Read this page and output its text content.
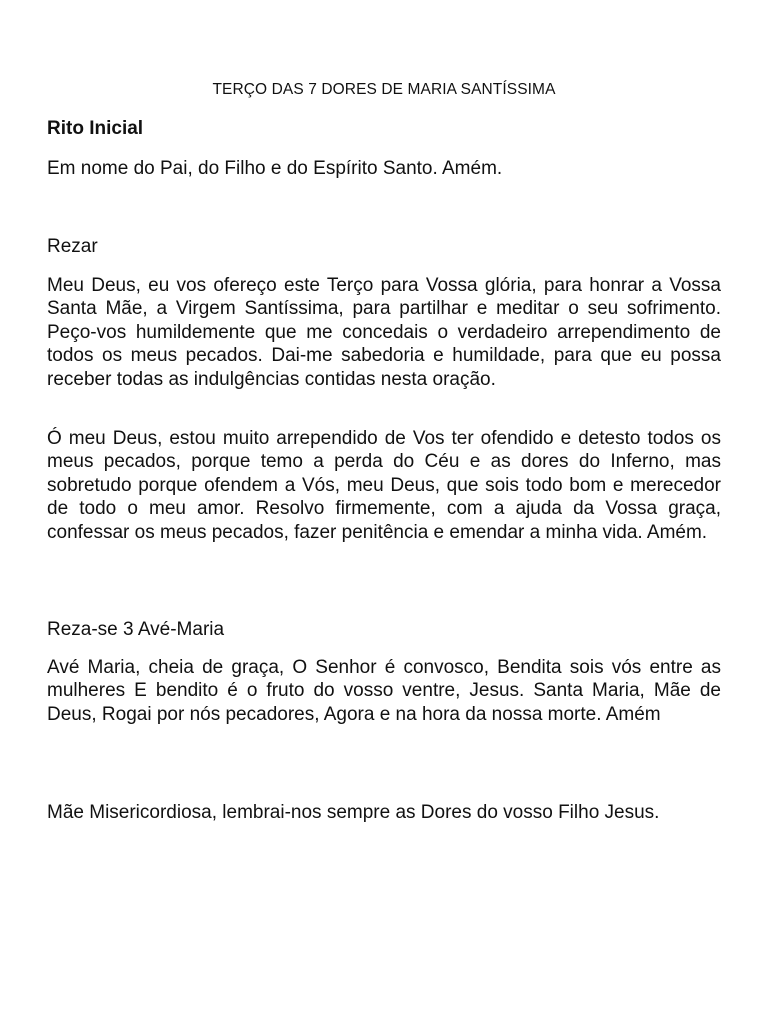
TERÇO DAS 7 DORES DE MARIA SANTÍSSIMA
Rito Inicial
Em nome do Pai, do Filho e do Espírito Santo. Amém.
Rezar

Meu Deus, eu vos ofereço este Terço para Vossa glória, para honrar a Vossa Santa Mãe, a Virgem Santíssima, para partilhar e meditar o seu sofrimento. Peço-vos humildemente que me concedais o verdadeiro arrependimento de todos os meus pecados. Dai-me sabedoria e humildade, para que eu possa receber todas as indulgências contidas nesta oração.

Ó meu Deus, estou muito arrependido de Vos ter ofendido e detesto todos os meus pecados, porque temo a perda do Céu e as dores do Inferno, mas sobretudo porque ofendem a Vós, meu Deus, que sois todo bom e merecedor de todo o meu amor. Resolvo firmemente, com a ajuda da Vossa graça, confessar os meus pecados, fazer penitência e emendar a minha vida. Amém.

Reza-se 3 Avé-Maria

Avé Maria, cheia de graça, O Senhor é convosco, Bendita sois vós entre as mulheres E bendito é o fruto do vosso ventre, Jesus. Santa Maria, Mãe de Deus, Rogai por nós pecadores, Agora e na hora da nossa morte. Amém

Mãe Misericordiosa, lembrai-nos sempre as Dores do vosso Filho Jesus.
